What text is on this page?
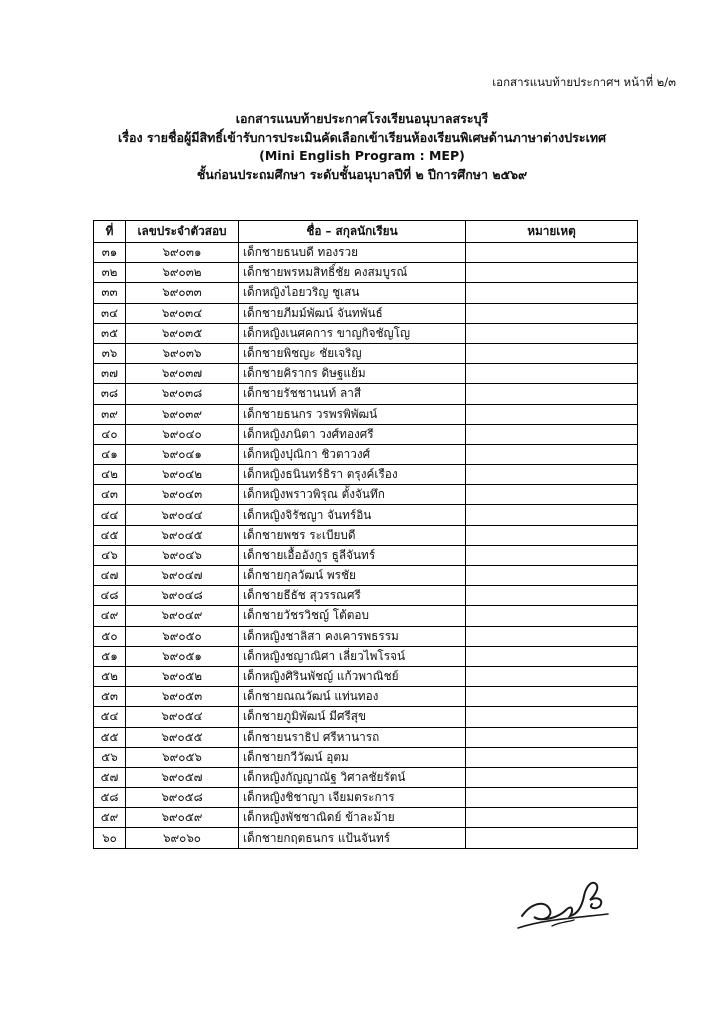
เอกสารแนบท้ายประกาศฯ หน้าที่ ๒/๓
เอกสารแนบท้ายประกาศโรงเรียนอนุบาลสระบุรี
เรื่อง รายชื่อผู้มีสิทธิ์เข้ารับการประเมินคัดเลือกเข้าเรียนห้องเรียนพิเศษด้านภาษาต่างประเทศ
(Mini English Program : MEP)
ชั้นก่อนประถมศึกษา ระดับชั้นอนุบาลปีที่ ๒ ปีการศึกษา ๒๕๖๙
ที่	เลขประจำตัวสอบ	ชื่อ – สกุลนักเรียน	หมายเหตุ
๓๑	๖๙๐๓๑	เด็กชายธนบดี ทองรวย	
๓๒	๖๙๐๓๒	เด็กชายพรหมสิทธิ์ชัย คงสมบูรณ์	
๓๓	๖๙๐๓๓	เด็กหญิงไอยวริญ ชูเสน	
๓๔	๖๙๐๓๔	เด็กชายภีมม์พัฒน์ จันทพันธ์	
๓๕	๖๙๐๓๕	เด็กหญิงเนศคการ ขาญกิจชัญโญ	
๓๖	๖๙๐๓๖	เด็กชายพิชญะ ชัยเจริญ	
๓๗	๖๙๐๓๗	เด็กชายคิรากร ดิษฐแย้ม	
๓๘	๖๙๐๓๘	เด็กชายรัชชานนท์ ลาสี	
๓๙	๖๙๐๓๙	เด็กชายธนกร วรพรพิพัฒน์	
๔๐	๖๙๐๔๐	เด็กหญิงภนิตา วงศ์ทองศรี	
๔๑	๖๙๐๔๑	เด็กหญิงปุณิกา ชิวตาวงศ์	
๔๒	๖๙๐๔๒	เด็กหญิงธนินทร์ธิรา ตรุงค์เรือง	
๔๓	๖๙๐๔๓	เด็กหญิงพราวพิรุณ ตั้งจันทึก	
๔๔	๖๙๐๔๔	เด็กหญิงจิรัชญา จันทร์อิน	
๔๕	๖๙๐๔๕	เด็กชายพชร ระเบียบดี	
๔๖	๖๙๐๔๖	เด็กชายเอื้ออังกูร ธูลีจันทร์	
๔๗	๖๙๐๔๗	เด็กชายกุลวัฒน์ พรชัย	
๔๘	๖๙๐๔๘	เด็กชายธีธัช สุวรรณศรี	
๔๙	๖๙๐๔๙	เด็กชายวัชรวิชญ์ โต้ตอบ	
๕๐	๖๙๐๕๐	เด็กหญิงชาลิสา คงเคารพธรรม	
๕๑	๖๙๐๕๑	เด็กหญิงชญาณิศา เลี่ยวไพโรจน์	
๕๒	๖๙๐๕๒	เด็กหญิงศิรินพัชญ์ แก้วพาณิชย์	
๕๓	๖๙๐๕๓	เด็กชายณณวัฒน์ แท่นทอง	
๕๔	๖๙๐๕๔	เด็กชายภูมิพัฒน์ มีศรีสุข	
๕๕	๖๙๐๕๕	เด็กชายนราธิป ศรีหานารถ	
๕๖	๖๙๐๕๖	เด็กชายกวีวัฒน์ อุตม	
๕๗	๖๙๐๕๗	เด็กหญิงกัญญาณัฐ วิศาลชัยรัตน์	
๕๘	๖๙๐๕๘	เด็กหญิงชิชาญา เจียมตระการ	
๕๙	๖๙๐๕๙	เด็กหญิงพัชชาณิดย์ ข้าละม้าย	
๖๐	๖๙๐๖๐	เด็กชายกฤตธนกร แป้นจันทร์	
